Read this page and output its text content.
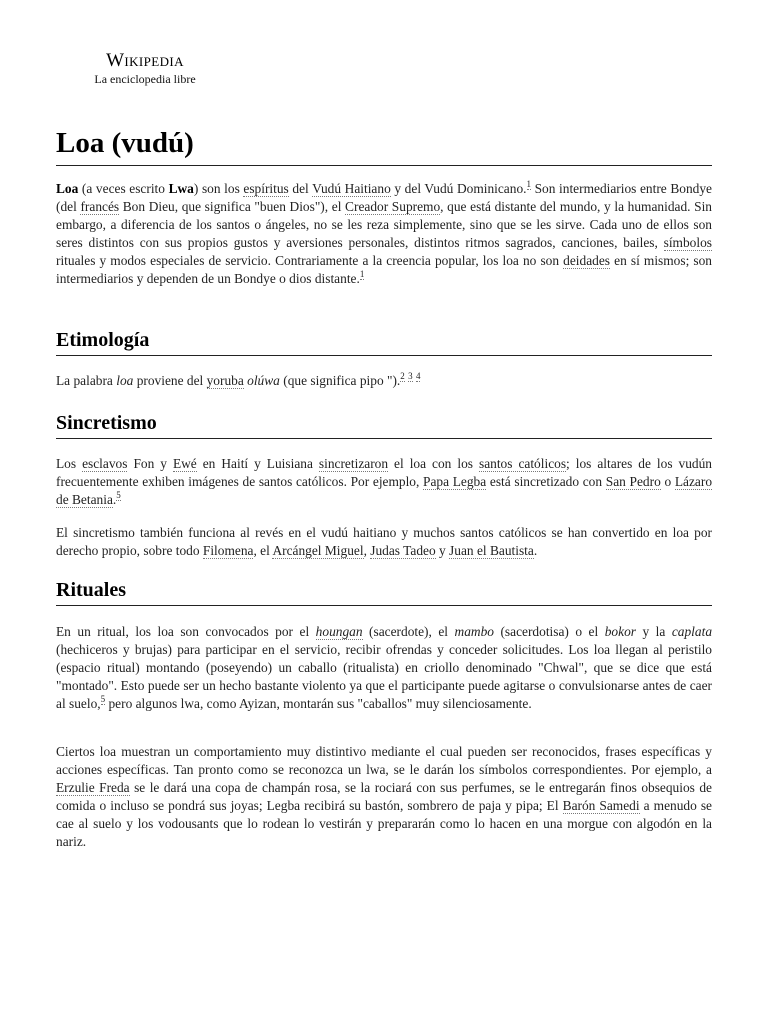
Wikipedia
La enciclopedia libre
Loa (vudú)

Loa (a veces escrito Lwa) son los espíritus del Vudú Haitiano y del Vudú Dominicano.$^1$ Son intermediarios entre Bondye (del francés Bon Dieu, que significa "buen Dios"), el Creador Supremo, que está distante del mundo, y la humanidad. Sin embargo, a diferencia de los santos o ángeles, no se les reza simplemente, sino que se les sirve. Cada uno de ellos son seres distintos con sus propios gustos y aversiones personales, distintos ritmos sagrados, canciones, bailes, símbolos rituales y modos especiales de servicio. Contrariamente a la creencia popular, los loa no son deidades en sí mismos; son intermediarios y dependen de un Bondye o dios distante.$^1$

Etimología

La palabra loa proviene del yoruba olúwa (que significa pipo ").$^2$ $^3$ $^4$

Sincretismo

Los esclavos Fon y Ewé en Haití y Luisiana sincretizaron el loa con los santos católicos; los altares de los vudún frecuentemente exhiben imágenes de santos católicos. Por ejemplo, Papa Legba está sincretizado con San Pedro o Lázaro de Betania.$^5$

El sincretismo también funciona al revés en el vudú haitiano y muchos santos católicos se han convertido en loa por derecho propio, sobre todo Filomena, el Arcángel Miguel, Judas Tadeo y Juan el Bautista.

Rituales

En un ritual, los loa son convocados por el houngan (sacerdote), el mambo (sacerdotisa) o el bokor y la caplata (hechiceros y brujas) para participar en el servicio, recibir ofrendas y conceder solicitudes. Los loa llegan al peristilo (espacio ritual) montando (poseyendo) un caballo (ritualista) en criollo denominado "Chwal", que se dice que está "montado". Esto puede ser un hecho bastante violento ya que el participante puede agitarse o convulsionarse antes de caer al suelo,$^5$ pero algunos lwa, como Ayizan, montarán sus "caballos" muy silenciosamente.

Ciertos loa muestran un comportamiento muy distintivo mediante el cual pueden ser reconocidos, frases específicas y acciones específicas. Tan pronto como se reconozca un lwa, se le darán los símbolos correspondientes. Por ejemplo, a Erzulie Freda se le dará una copa de champán rosa, se la rociará con sus perfumes, se le entregarán finos obsequios de comida o incluso se pondrá sus joyas; Legba recibirá su bastón, sombrero de paja y pipa; El Barón Samedi a menudo se cae al suelo y los vodousants que lo rodean lo vestirán y prepararán como lo hacen en una morgue con algodón en la nariz.
